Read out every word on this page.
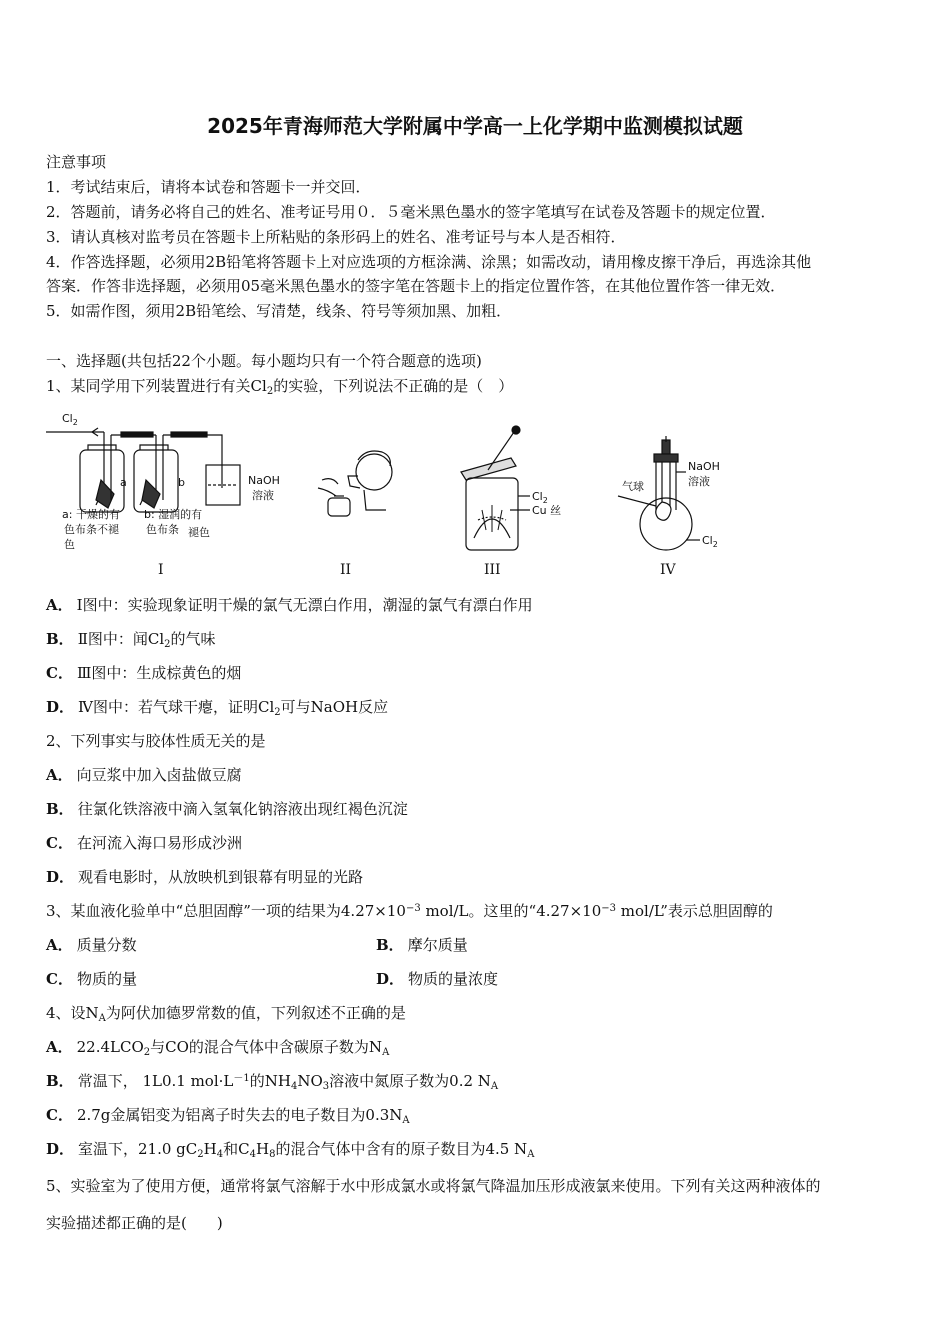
2025年青海师范大学附属中学高一上化学期中监测模拟试题
注意事项
1．考试结束后，请将本试卷和答题卡一并交回．
2．答题前，请务必将自己的姓名、准考证号用０．５毫米黑色墨水的签字笔填写在试卷及答题卡的规定位置．
3．请认真核对监考员在答题卡上所粘贴的条形码上的姓名、准考证号与本人是否相符．
4．作答选择题，必须用2B铅笔将答题卡上对应选项的方框涂满、涂黑；如需改动，请用橡皮擦干净后，再选涂其他
答案．作答非选择题，必须用05毫米黑色墨水的签字笔在答题卡上的指定位置作答，在其他位置作答一律无效．
5．如需作图，须用2B铅笔绘、写清楚，线条、符号等须加黑、加粗．
一、选择题(共包括22个小题。每小题均只有一个符合题意的选项)
1、某同学用下列装置进行有关$Cl_2$的实验，下列说法不正确的是（　）
$Cl_2$
a	b	NaOH
溶液
a: 干燥的有
色布条不褪
色
b: 湿润的有
色布条 褪色
$Cl_2$
Cu 丝
气球
NaOH
溶液
$Cl_2$
I	II	III	IV
A． Ⅰ图中：实验现象证明干燥的氯气无漂白作用，潮湿的氯气有漂白作用
B． Ⅱ图中：闻$Cl_2$的气味
C． Ⅲ图中：生成棕黄色的烟
D． Ⅳ图中：若气球干瘪，证明$Cl_2$可与NaOH反应
2、下列事实与胶体性质无关的是
A． 向豆浆中加入卤盐做豆腐
B． 往氯化铁溶液中滴入氢氧化钠溶液出现红褐色沉淀
C． 在河流入海口易形成沙洲
D． 观看电影时，从放映机到银幕有明显的光路
3、某血液化验单中“总胆固醇”一项的结果为$4.27\times 10^{-3}$ mol/L。这里的“$4.27\times 10^{-3}$ mol/L”表示总胆固醇的
A． 质量分数	B． 摩尔质量
C． 物质的量	D． 物质的量浓度
4、设$N_A$为阿伏加德罗常数的值，下列叙述不正确的是
A． $22.4LCO_2$与CO的混合气体中含碳原子数为$N_A$
B． 常温下， 1L0.1 $mol\cdot L^{-1}$的$NH_4NO_3$溶液中氮原子数为0.2 $N_A$
C． 2.7g金属铝变为铝离子时失去的电子数目为$0.3N_A$
D． 室温下，21.0 $gC_2H_4$和$C_4H_8$的混合气体中含有的原子数目为4.5 $N_A$
5、实验室为了使用方便，通常将氯气溶解于水中形成氯水或将氯气降温加压形成液氯来使用。下列有关这两种液体的
实验描述都正确的是(　　)
